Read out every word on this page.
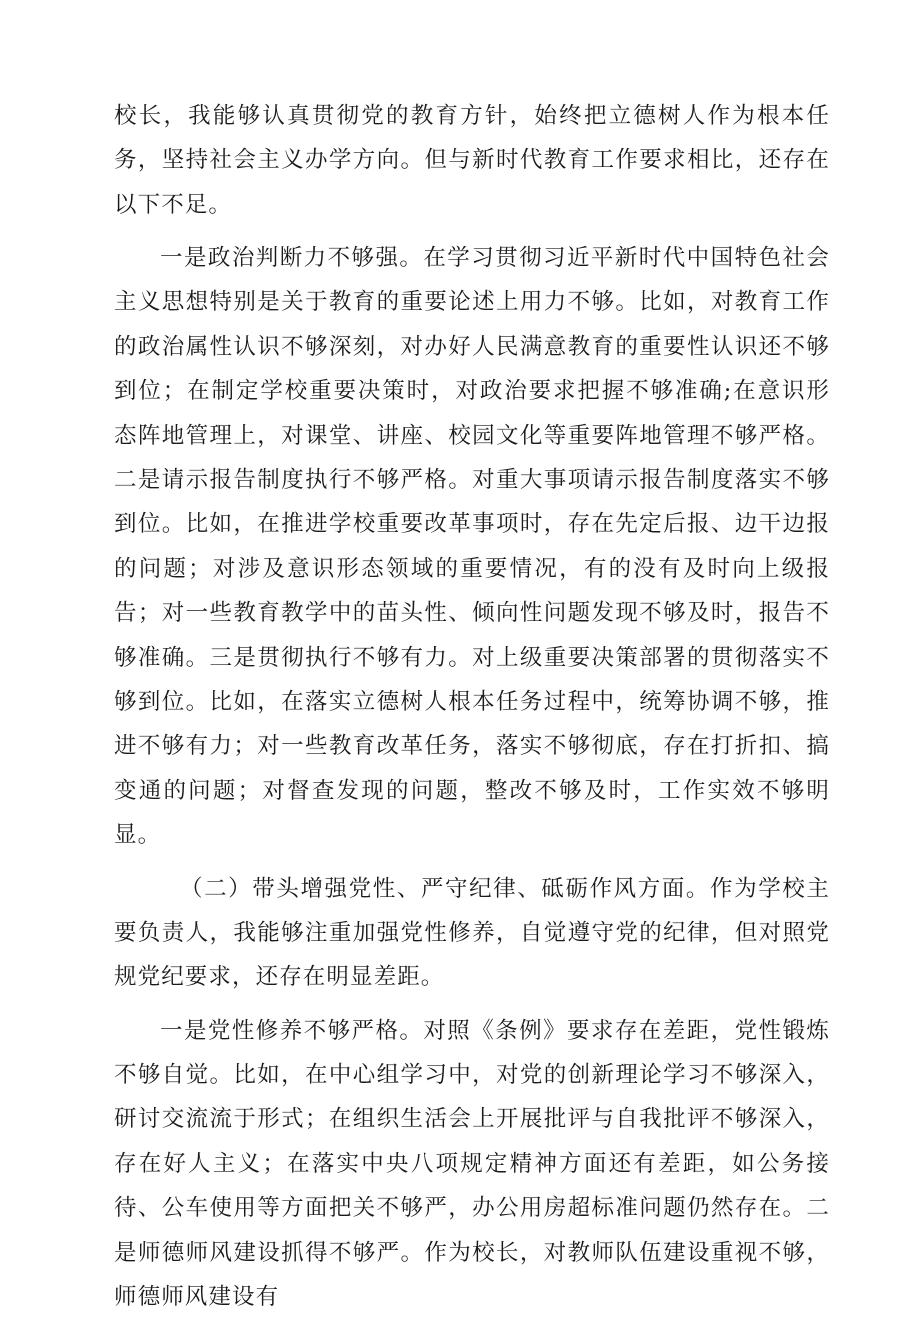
校长，我能够认真贯彻党的教育方针，始终把立德树人作为根本任务，坚持社会主义办学方向。但与新时代教育工作要求相比，还存在以下不足。

一是政治判断力不够强。在学习贯彻习近平新时代中国特色社会主义思想特别是关于教育的重要论述上用力不够。比如，对教育工作的政治属性认识不够深刻，对办好人民满意教育的重要性认识还不够到位；在制定学校重要决策时，对政治要求把握不够准确;在意识形态阵地管理上，对课堂、讲座、校园文化等重要阵地管理不够严格。二是请示报告制度执行不够严格。对重大事项请示报告制度落实不够到位。比如，在推进学校重要改革事项时，存在先定后报、边干边报的问题；对涉及意识形态领域的重要情况，有的没有及时向上级报告；对一些教育教学中的苗头性、倾向性问题发现不够及时，报告不够准确。三是贯彻执行不够有力。对上级重要决策部署的贯彻落实不够到位。比如，在落实立德树人根本任务过程中，统筹协调不够，推进不够有力；对一些教育改革任务，落实不够彻底，存在打折扣、搞变通的问题；对督查发现的问题，整改不够及时，工作实效不够明显。

（二）带头增强党性、严守纪律、砥砺作风方面。作为学校主要负责人，我能够注重加强党性修养，自觉遵守党的纪律，但对照党规党纪要求，还存在明显差距。

一是党性修养不够严格。对照《条例》要求存在差距，党性锻炼不够自觉。比如，在中心组学习中，对党的创新理论学习不够深入，研讨交流流于形式；在组织生活会上开展批评与自我批评不够深入，存在好人主义；在落实中央八项规定精神方面还有差距，如公务接待、公车使用等方面把关不够严，办公用房超标准问题仍然存在。二是师德师风建设抓得不够严。作为校长，对教师队伍建设重视不够，师德师风建设有
